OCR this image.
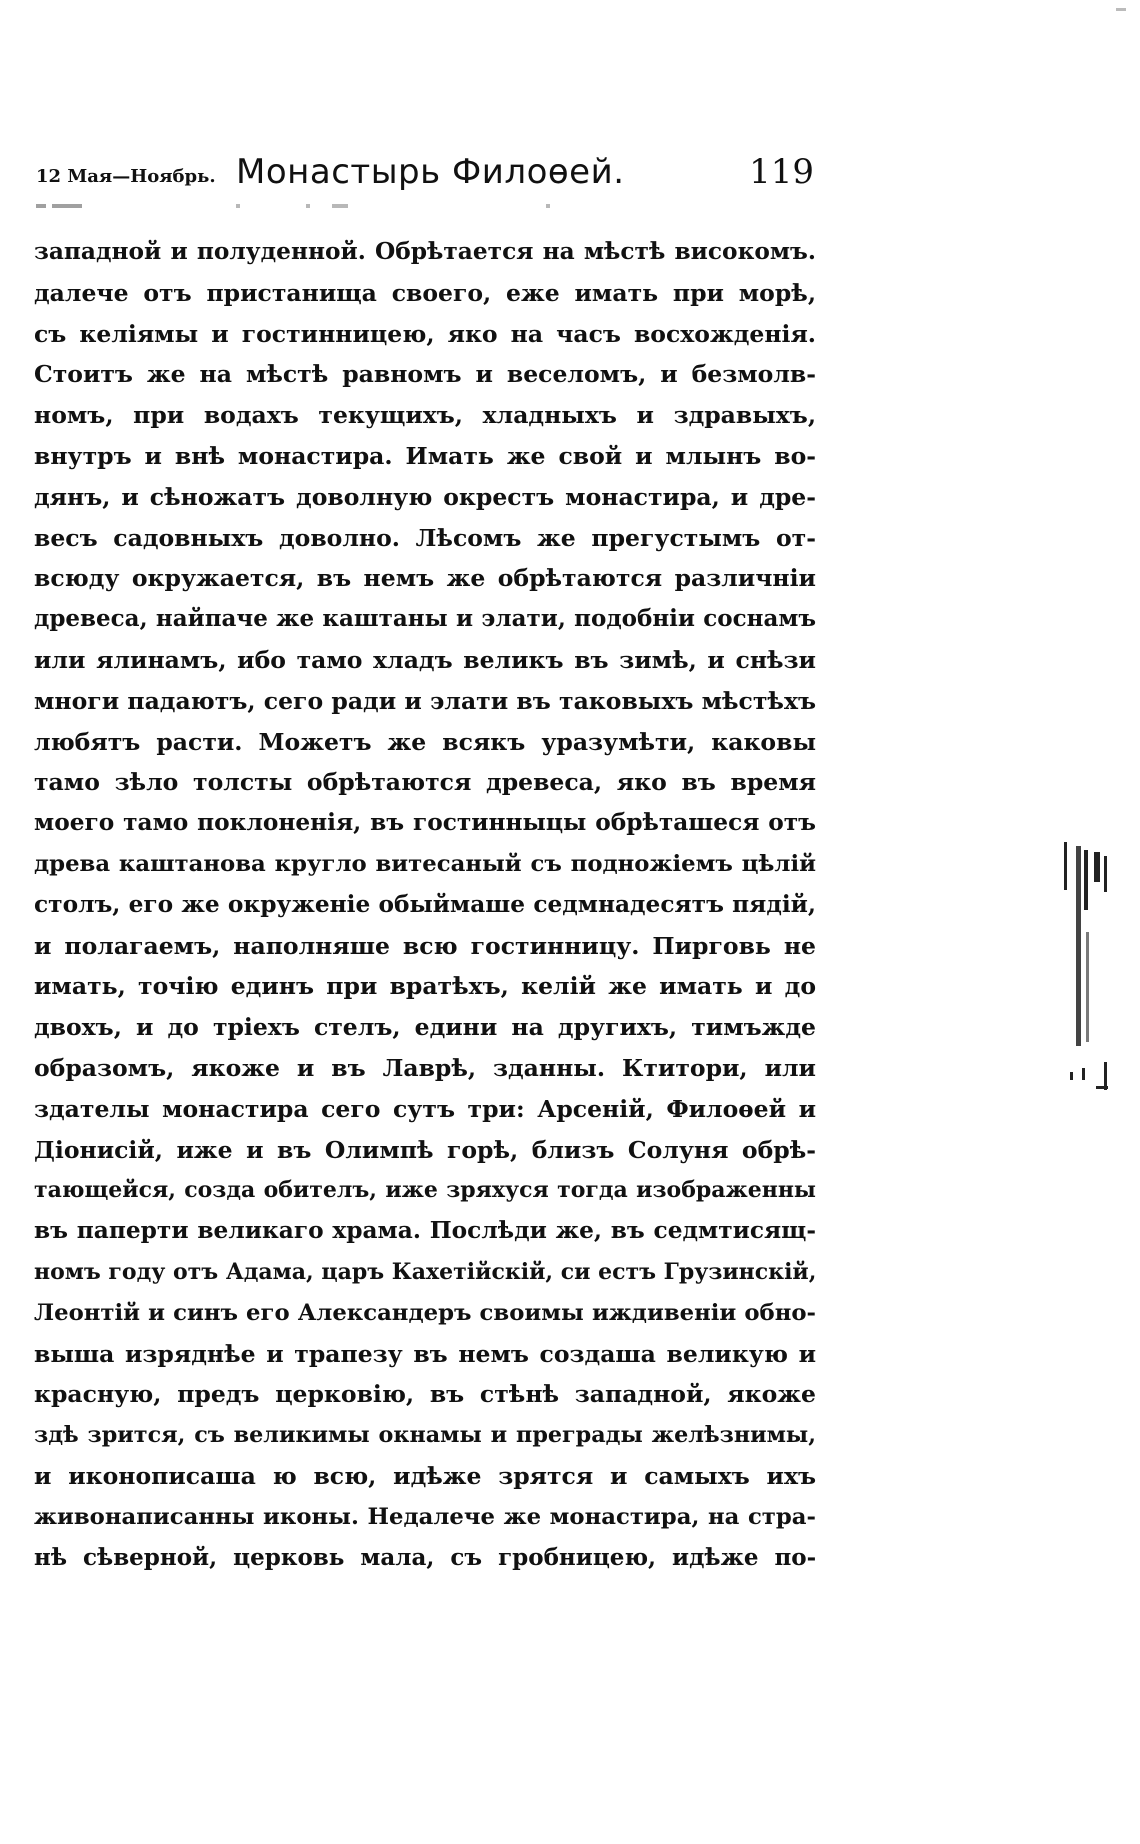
12 Мая—Ноябрь. Монастырь Филоѳей.	119
западной и полуденной. Обрѣтается на мѣстѣ високомъ.
далече отъ пристанища своего, еже имать при морѣ,
съ келіямы и гостинницею, яко на часъ восхожденія.
Стоитъ же на мѣстѣ равномъ и веселомъ, и безмолв-
номъ, при водахъ текущихъ, хладныхъ и здравыхъ,
внутръ и внѣ монастира. Имать же свой и млынъ во-
дянъ, и сѣножатъ доволную окрестъ монастира, и дре-
весъ садовныхъ доволно. Лѣсомъ же прегустымъ от-
всюду окружается, въ немъ же обрѣтаются различніи
древеса, найпаче же каштаны и элати, подобніи соснамъ
или ялинамъ, ибо тамо хладъ великъ въ зимѣ, и снѣзи
многи падаютъ, сего ради и элати въ таковыхъ мѣстѣхъ
любятъ расти. Можетъ же всякъ уразумѣти, каковы
тамо зѣло толсты обрѣтаются древеса, яко въ время
моего тамо поклоненія, въ гостинныцы обрѣташеся отъ
древа каштанова кругло витесаный съ подножіемъ цѣлій
столъ, его же окруженіе обыймаше седмнадесятъ пядій,
и полагаемъ, наполняше всю гостинницу. Пирговь не
имать, точію единъ при вратѣхъ, келій же имать и до
двохъ, и до тріехъ стелъ, едини на другихъ, тимъжде
образомъ, якоже и въ Лаврѣ, зданны. Ктитори, или
здателы монастира сего сутъ три: Арсеній, Филоѳей и
Діонисій, иже и въ Олимпѣ горѣ, близъ Солуня обрѣ-
тающейся, созда обителъ, иже зряхуся тогда изображенны
въ паперти великаго храма. Послѣди же, въ седмтисящ-
номъ году отъ Адама, царъ Кахетійскій, си естъ Грузинскій,
Леонтій и синъ его Александеръ своимы иждивеніи обно-
выша изряднѣе и трапезу въ немъ создаша великую и
красную, предъ церковію, въ стѣнѣ западной, якоже
здѣ зрится, съ великимы окнамы и преграды желѣзнимы,
и иконописаша ю всю, идѣже зрятся и самыхъ ихъ
живонаписанны иконы. Недалече же монастира, на стра-
нѣ сѣверной, церковь мала, съ гробницею, идѣже по-
